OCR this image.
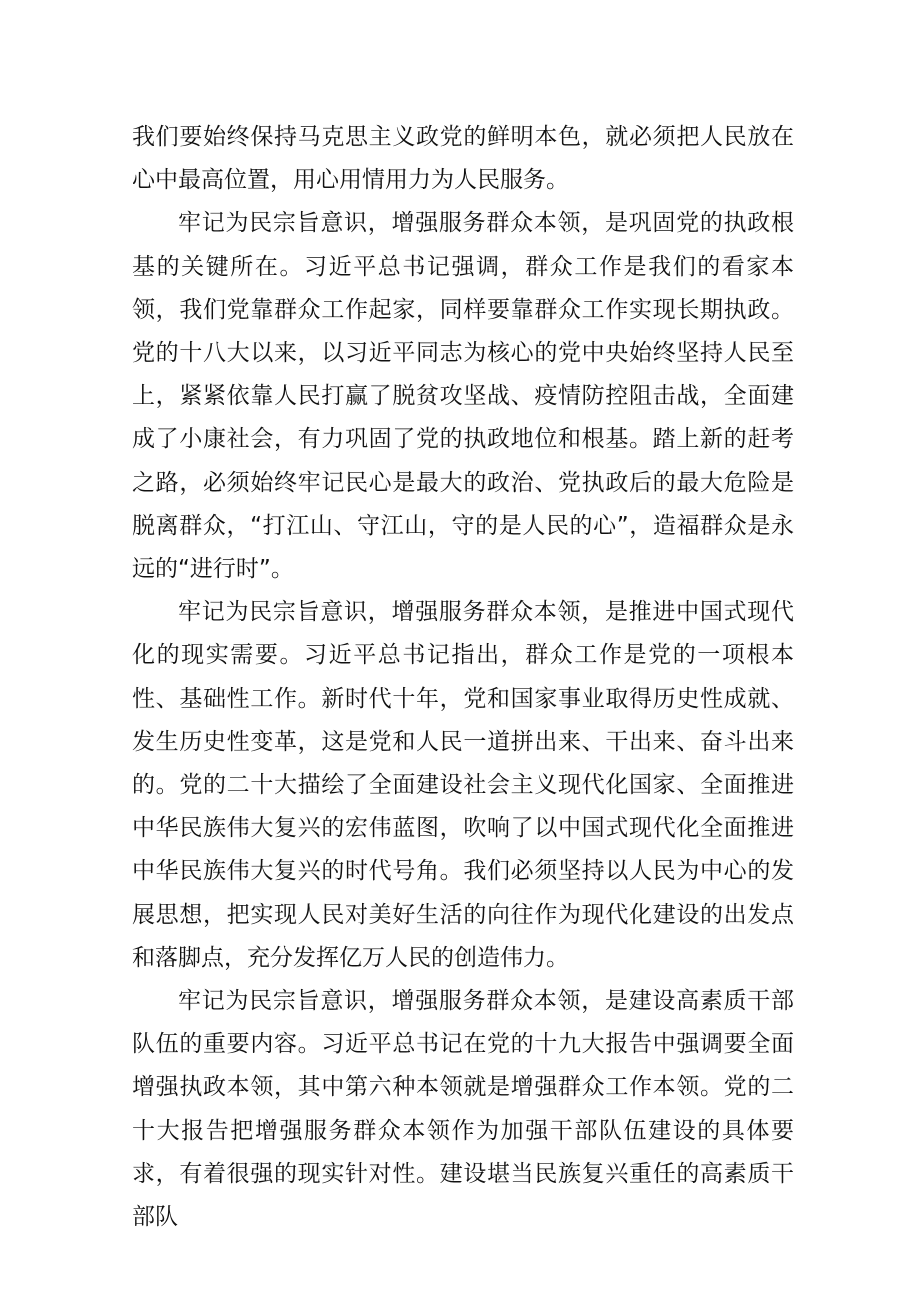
我们要始终保持马克思主义政党的鲜明本色，就必须把人民放在心中最高位置，用心用情用力为人民服务。

牢记为民宗旨意识，增强服务群众本领，是巩固党的执政根基的关键所在。习近平总书记强调，群众工作是我们的看家本领，我们党靠群众工作起家，同样要靠群众工作实现长期执政。党的十八大以来，以习近平同志为核心的党中央始终坚持人民至上，紧紧依靠人民打赢了脱贫攻坚战、疫情防控阻击战，全面建成了小康社会，有力巩固了党的执政地位和根基。踏上新的赶考之路，必须始终牢记民心是最大的政治、党执政后的最大危险是脱离群众，“打江山、守江山，守的是人民的心”，造福群众是永远的“进行时”。

牢记为民宗旨意识，增强服务群众本领，是推进中国式现代化的现实需要。习近平总书记指出，群众工作是党的一项根本性、基础性工作。新时代十年，党和国家事业取得历史性成就、发生历史性变革，这是党和人民一道拼出来、干出来、奋斗出来的。党的二十大描绘了全面建设社会主义现代化国家、全面推进中华民族伟大复兴的宏伟蓝图，吹响了以中国式现代化全面推进中华民族伟大复兴的时代号角。我们必须坚持以人民为中心的发展思想，把实现人民对美好生活的向往作为现代化建设的出发点和落脚点，充分发挥亿万人民的创造伟力。

牢记为民宗旨意识，增强服务群众本领，是建设高素质干部队伍的重要内容。习近平总书记在党的十九大报告中强调要全面增强执政本领，其中第六种本领就是增强群众工作本领。党的二十大报告把增强服务群众本领作为加强干部队伍建设的具体要求，有着很强的现实针对性。建设堪当民族复兴重任的高素质干部队
